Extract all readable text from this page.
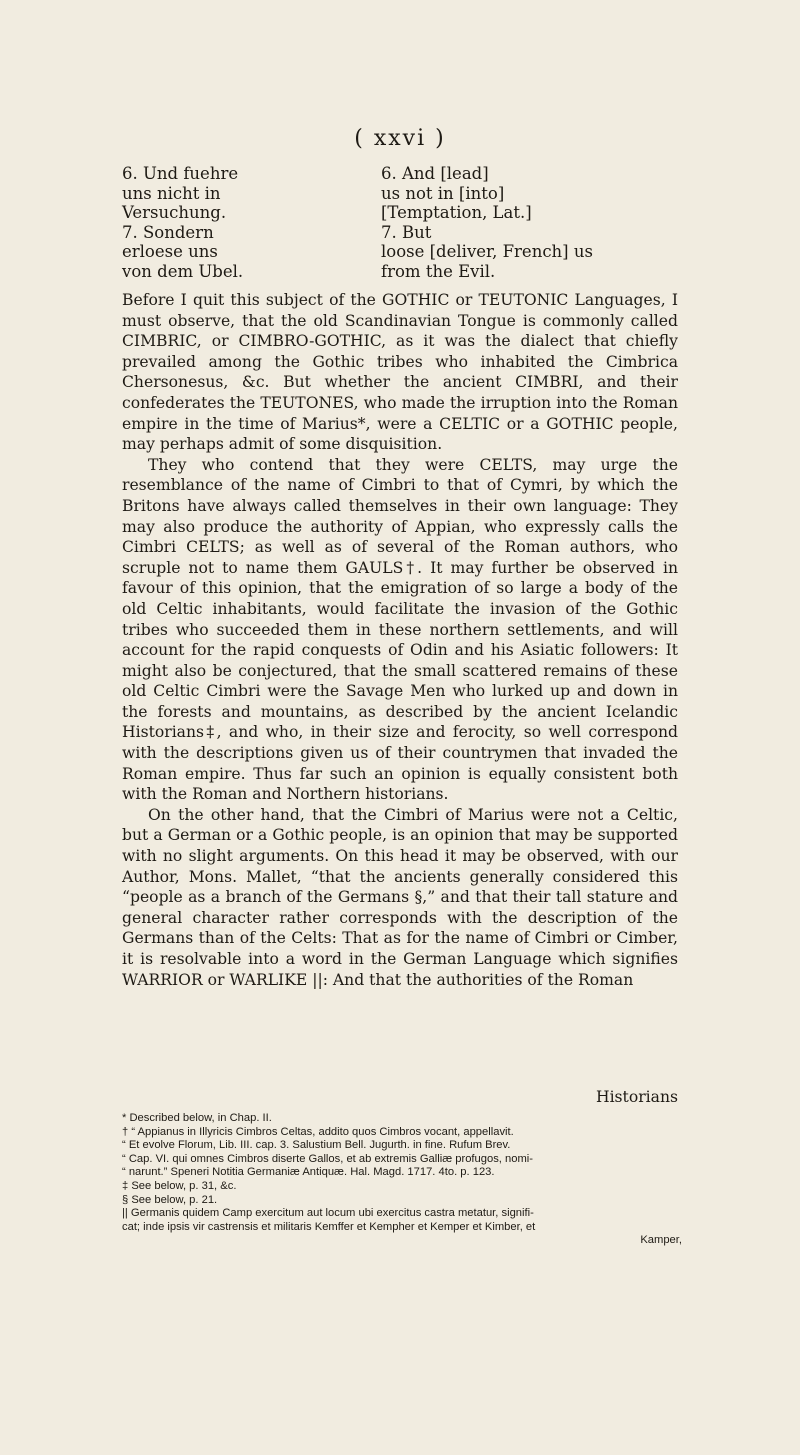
( xxvi )
6. Und fuehre
uns nicht in
Versuchung.
7. Sondern
erloese uns
von dem Ubel.
6. And [lead]
us not in [into]
[Temptation, Lat.]
7. But
loose [deliver, French] us
from the Evil.

Before I quit this subject of the GOTHIC or TEUTONIC Languages, I must observe, that the old Scandinavian Tongue is commonly called CIMBRIC, or CIMBRO-GOTHIC, as it was the dialect that chiefly prevailed among the Gothic tribes who inhabited the Cimbrica Chersonesus, &c. But whether the ancient CIMBRI, and their confederates the TEUTONES, who made the irruption into the Roman empire in the time of Marius*, were a CELTIC or a GOTHIC people, may perhaps admit of some disquisition.

They who contend that they were CELTS, may urge the resemblance of the name of Cimbri to that of Cymri, by which the Britons have always called themselves in their own language: They may also produce the authority of Appian, who expressly calls the Cimbri CELTS; as well as of several of the Roman authors, who scruple not to name them GAULS†. It may further be observed in favour of this opinion, that the emigration of so large a body of the old Celtic inhabitants, would facilitate the invasion of the Gothic tribes who succeeded them in these northern settlements, and will account for the rapid conquests of Odin and his Asiatic followers: It might also be conjectured, that the small scattered remains of these old Celtic Cimbri were the Savage Men who lurked up and down in the forests and mountains, as described by the ancient Icelandic Historians‡, and who, in their size and ferocity, so well correspond with the descriptions given us of their countrymen that invaded the Roman empire. Thus far such an opinion is equally consistent both with the Roman and Northern historians.

On the other hand, that the Cimbri of Marius were not a Celtic, but a German or a Gothic people, is an opinion that may be supported with no slight arguments. On this head it may be observed, with our Author, Mons. Mallet, “that the ancients generally considered this “people as a branch of the Germans §,” and that their tall stature and general character rather corresponds with the description of the Germans than of the Celts: That as for the name of Cimbri or Cimber, it is resolvable into a word in the German Language which signifies WARRIOR or WARLIKE ||: And that the authorities of the Roman

Historians
* Described below, in Chap. II.
† “ Appianus in Illyricis Cimbros Celtas, addito quos Cimbros vocant, appellavit.
“ Et evolve Florum, Lib. III. cap. 3. Salustium Bell. Jugurth. in fine. Rufum Brev.
“ Cap. VI. qui omnes Cimbros diserte Gallos, et ab extremis Galliæ profugos, nomi-
“ narunt.” Speneri Notitia Germaniæ Antiquæ. Hal. Magd. 1717. 4to. p. 123.
‡ See below, p. 31, &c.
§ See below, p. 21.
|| Germanis quidem Camp exercitum aut locum ubi exercitus castra metatur, signifi-
cat; inde ipsis vir castrensis et militaris Kemffer et Kempher et Kemper et Kimber, et
Kamper,
